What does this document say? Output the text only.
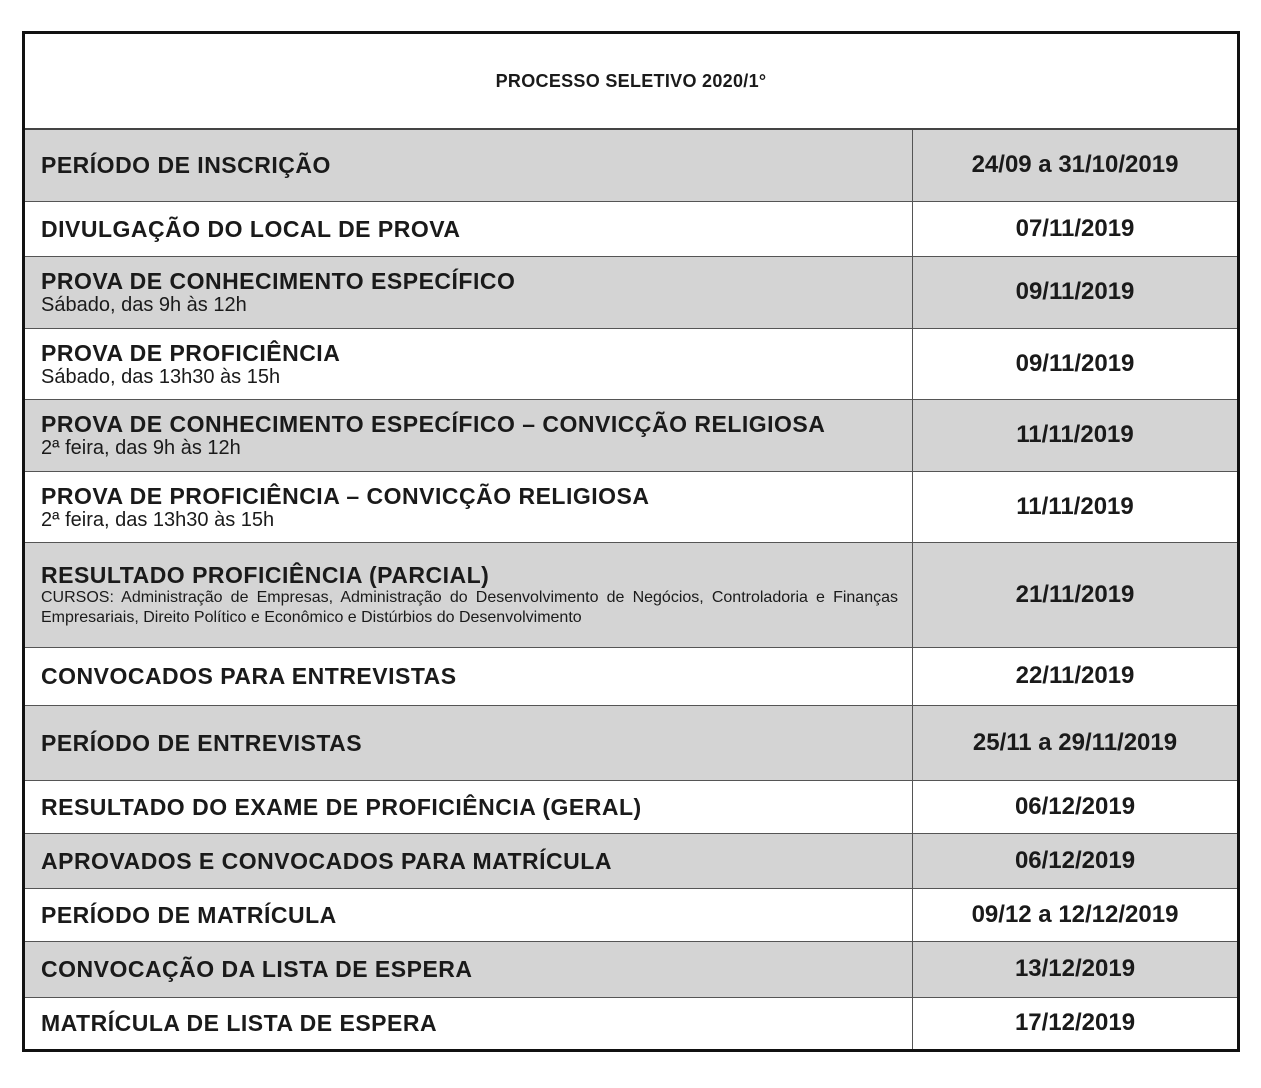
PROCESSO SELETIVO 2020/1°	

PERÍODO DE INSCRIÇÃO	24/09 a 31/10/2019

DIVULGAÇÃO DO LOCAL DE PROVA	07/11/2019

PROVA DE CONHECIMENTO ESPECÍFICO
Sábado, das 9h às 12h	09/11/2019

PROVA DE PROFICIÊNCIA
Sábado, das 13h30 às 15h	09/11/2019

PROVA DE CONHECIMENTO ESPECÍFICO – CONVICÇÃO RELIGIOSA
2ª feira, das 9h às 12h	11/11/2019

PROVA DE PROFICIÊNCIA – CONVICÇÃO RELIGIOSA
2ª feira, das 13h30 às 15h	11/11/2019

RESULTADO PROFICIÊNCIA (PARCIAL)
CURSOS: Administração de Empresas, Administração do Desenvolvimento de Negócios, Controladoria e Finanças Empresariais, Direito Político e Econômico e Distúrbios do Desenvolvimento	21/11/2019

CONVOCADOS PARA ENTREVISTAS	22/11/2019

PERÍODO DE ENTREVISTAS	25/11 a 29/11/2019

RESULTADO DO EXAME DE PROFICIÊNCIA (GERAL)	06/12/2019

APROVADOS E CONVOCADOS PARA MATRÍCULA	06/12/2019

PERÍODO DE MATRÍCULA	09/12 a 12/12/2019

CONVOCAÇÃO DA LISTA DE ESPERA	13/12/2019

MATRÍCULA DE LISTA DE ESPERA	17/12/2019
